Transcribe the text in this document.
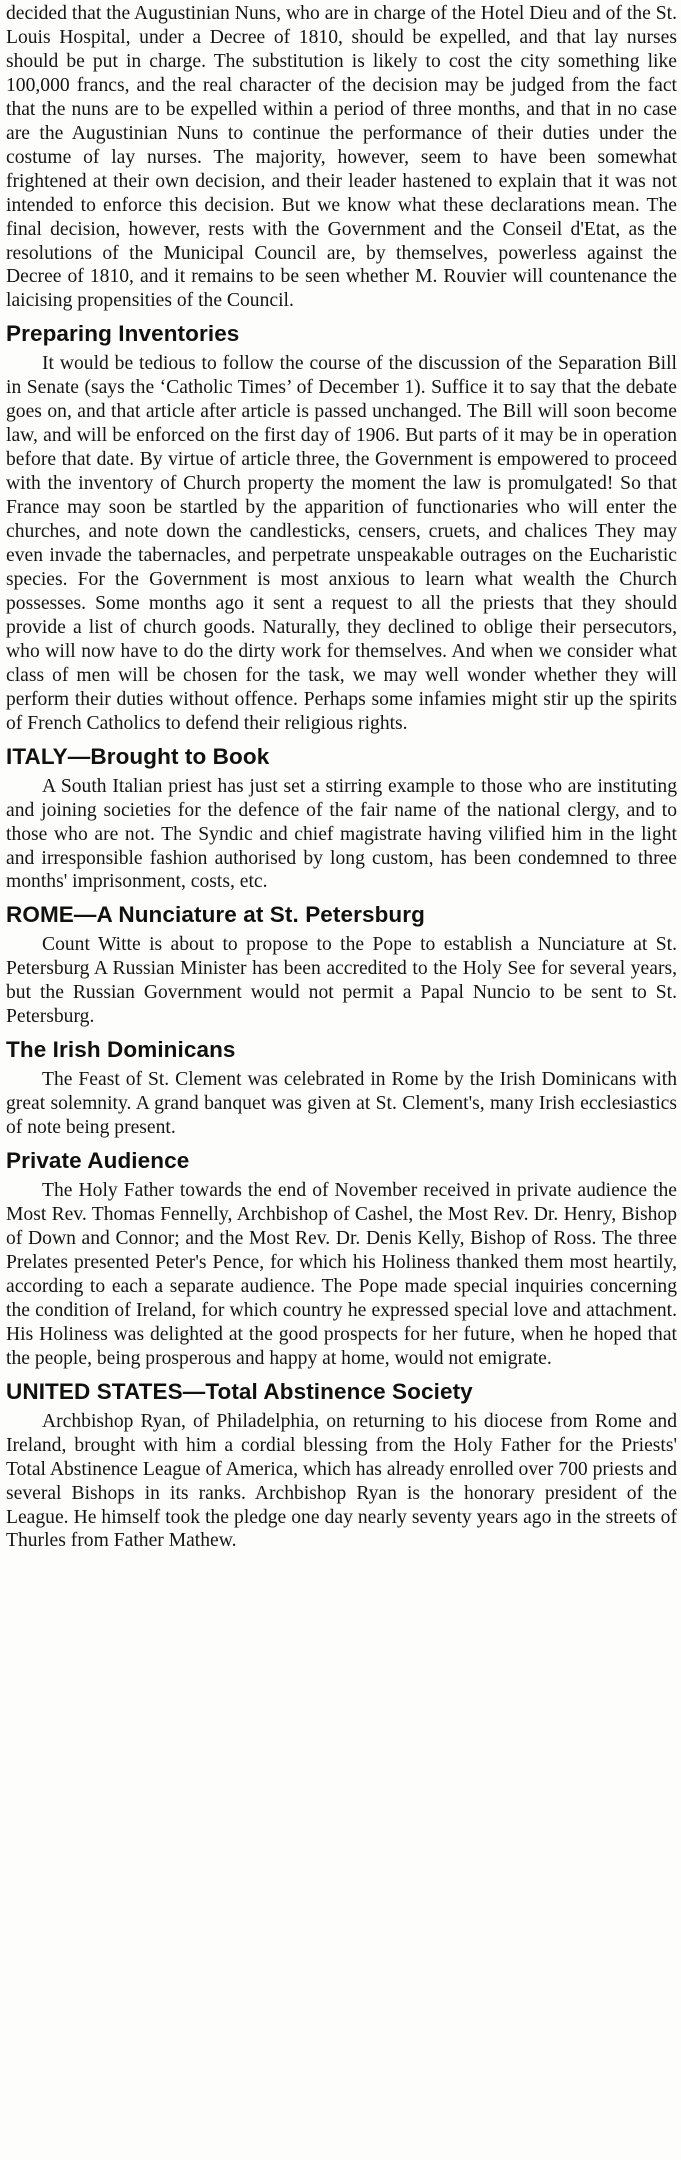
decided that the Augustinian Nuns, who are in charge of the Hotel Dieu and of the St. Louis Hospital, under a Decree of 1810, should be expelled, and that lay nurses should be put in charge. The substitution is likely to cost the city something like 100,000 francs, and the real character of the decision may be judged from the fact that the nuns are to be expelled within a period of three months, and that in no case are the Augustinian Nuns to continue the performance of their duties under the costume of lay nurses. The majority, however, seem to have been somewhat frightened at their own decision, and their leader hastened to explain that it was not intended to enforce this decision. But we know what these declarations mean. The final decision, however, rests with the Government and the Conseil d'Etat, as the resolutions of the Municipal Council are, by themselves, powerless against the Decree of 1810, and it remains to be seen whether M. Rouvier will countenance the laicising propensities of the Council.

Preparing Inventories

It would be tedious to follow the course of the discussion of the Separation Bill in Senate (says the ‘Catholic Times’ of December 1). Suffice it to say that the debate goes on, and that article after article is passed unchanged. The Bill will soon become law, and will be enforced on the first day of 1906. But parts of it may be in operation before that date. By virtue of article three, the Government is empowered to proceed with the inventory of Church property the moment the law is promulgated! So that France may soon be startled by the apparition of functionaries who will enter the churches, and note down the candlesticks, censers, cruets, and chalices They may even invade the tabernacles, and perpetrate unspeakable outrages on the Eucharistic species. For the Government is most anxious to learn what wealth the Church possesses. Some months ago it sent a request to all the priests that they should provide a list of church goods. Naturally, they declined to oblige their persecutors, who will now have to do the dirty work for themselves. And when we consider what class of men will be chosen for the task, we may well wonder whether they will perform their duties without offence. Perhaps some infamies might stir up the spirits of French Catholics to defend their religious rights.

ITALY—Brought to Book

A South Italian priest has just set a stirring example to those who are instituting and joining societies for the defence of the fair name of the national clergy, and to those who are not. The Syndic and chief magistrate having vilified him in the light and irresponsible fashion authorised by long custom, has been condemned to three months' imprisonment, costs, etc.

ROME—A Nunciature at St. Petersburg

Count Witte is about to propose to the Pope to establish a Nunciature at St. Petersburg A Russian Minister has been accredited to the Holy See for several years, but the Russian Government would not permit a Papal Nuncio to be sent to St. Petersburg.

The Irish Dominicans

The Feast of St. Clement was celebrated in Rome by the Irish Dominicans with great solemnity. A grand banquet was given at St. Clement's, many Irish ecclesiastics of note being present.

Private Audience

The Holy Father towards the end of November received in private audience the Most Rev. Thomas Fennelly, Archbishop of Cashel, the Most Rev. Dr. Henry, Bishop of Down and Connor; and the Most Rev. Dr. Denis Kelly, Bishop of Ross. The three Prelates presented Peter's Pence, for which his Holiness thanked them most heartily, according to each a separate audience. The Pope made special inquiries concerning the condition of Ireland, for which country he expressed special love and attachment. His Holiness was delighted at the good prospects for her future, when he hoped that the people, being prosperous and happy at home, would not emigrate.

UNITED STATES—Total Abstinence Society

Archbishop Ryan, of Philadelphia, on returning to his diocese from Rome and Ireland, brought with him a cordial blessing from the Holy Father for the Priests' Total Abstinence League of America, which has already enrolled over 700 priests and several Bishops in its ranks. Archbishop Ryan is the honorary president of the League. He himself took the pledge one day nearly seventy years ago in the streets of Thurles from Father Mathew.
